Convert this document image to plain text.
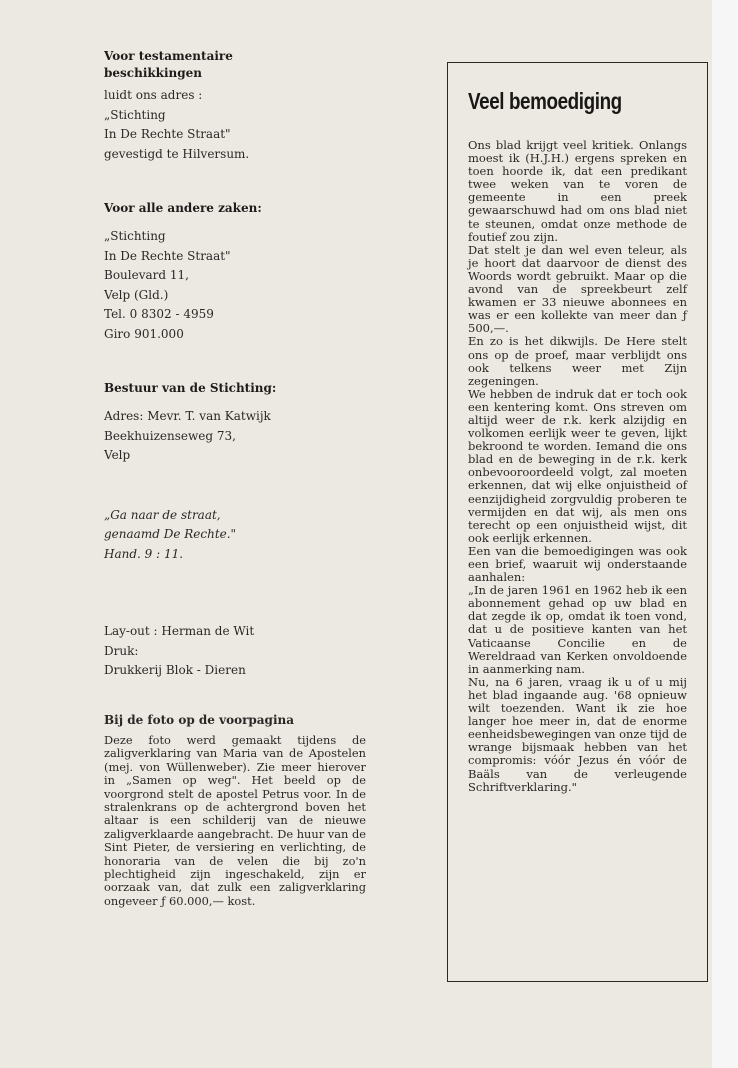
Voor testamentaire beschikkingen

luidt ons adres :

„Stichting

In De Rechte Straat"

gevestigd te Hilversum.

Voor alle andere zaken:

„Stichting

In De Rechte Straat"

Boulevard 11,

Velp (Gld.)

Tel. 0 8302 - 4959

Giro 901.000

Bestuur van de Stichting:

Adres: Mevr. T. van Katwijk

Beekhuizenseweg 73,

Velp

„Ga naar de straat,

genaamd De Rechte."

Hand. 9 : 11.

Lay-out : Herman de Wit

Druk:

Drukkerij Blok - Dieren

Bij de foto op de voorpagina

Deze foto werd gemaakt tijdens de zaligverklaring van Maria van de Apostelen (mej. von Wüllenweber). Zie meer hierover in „Samen op weg". Het beeld op de voorgrond stelt de apostel Petrus voor. In de stralenkrans op de achtergrond boven het altaar is een schilderij van de nieuwe zaligverklaarde aangebracht. De huur van de Sint Pieter, de versiering en verlichting, de honoraria van de velen die bij zo'n plechtigheid zijn ingeschakeld, zijn er oorzaak van, dat zulk een zaligverklaring ongeveer ƒ 60.000,— kost.

Veel bemoediging

Ons blad krijgt veel kritiek. Onlangs moest ik (H.J.H.) ergens spreken en toen hoorde ik, dat een predikant twee weken van te voren de gemeente in een preek gewaarschuwd had om ons blad niet te steunen, omdat onze methode de foutief zou zijn.

Dat stelt je dan wel even teleur, als je hoort dat daarvoor de dienst des Woords wordt gebruikt. Maar op die avond van de spreekbeurt zelf kwamen er 33 nieuwe abonnees en was er een kollekte van meer dan ƒ 500,—.

En zo is het dikwijls. De Here stelt ons op de proef, maar verblijdt ons ook telkens weer met Zijn zegeningen.

We hebben de indruk dat er toch ook een kentering komt. Ons streven om altijd weer de r.k. kerk alzijdig en volkomen eerlijk weer te geven, lijkt bekroond te worden. Iemand die ons blad en de beweging in de r.k. kerk onbevooroordeeld volgt, zal moeten erkennen, dat wij elke onjuistheid of eenzijdigheid zorgvuldig proberen te vermijden en dat wij, als men ons terecht op een onjuistheid wijst, dit ook eerlijk erkennen.

Een van die bemoedigingen was ook een brief, waaruit wij onderstaande aanhalen:

„In de jaren 1961 en 1962 heb ik een abonnement gehad op uw blad en dat zegde ik op, omdat ik toen vond, dat u de positieve kanten van het Vaticaanse Concilie en de Wereldraad van Kerken onvoldoende in aanmerking nam.

Nu, na 6 jaren, vraag ik u of u mij het blad ingaande aug. '68 opnieuw wilt toezenden. Want ik zie hoe langer hoe meer in, dat de enorme eenheidsbewegingen van onze tijd de wrange bijsmaak hebben van het compromis: vóór Jezus én vóór de Baäls van de verleugende Schriftverklaring."
